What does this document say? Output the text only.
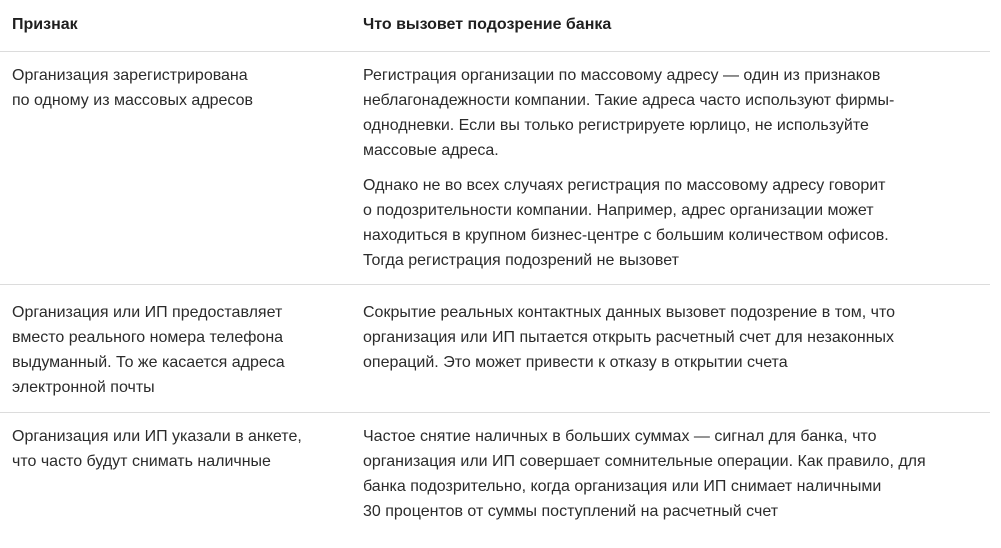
Признак	Что вызовет подозрение банка
Организация зарегистрирована
по одному из массовых адресов
Регистрация организации по массовому адресу — один из признаков
неблагонадежности компании. Такие адреса часто используют фирмы-
однодневки. Если вы только регистрируете юрлицо, не используйте
массовые адреса.
Однако не во всех случаях регистрация по массовому адресу говорит
о подозрительности компании. Например, адрес организации может
находиться в крупном бизнес-центре с большим количеством офисов.
Тогда регистрация подозрений не вызовет
Организация или ИП предоставляет
вместо реального номера телефона
выдуманный. То же касается адреса
электронной почты
Сокрытие реальных контактных данных вызовет подозрение в том, что
организация или ИП пытается открыть расчетный счет для незаконных
операций. Это может привести к отказу в открытии счета
Организация или ИП указали в анкете,
что часто будут снимать наличные
Частое снятие наличных в больших суммах — сигнал для банка, что
организация или ИП совершает сомнительные операции. Как правило, для
банка подозрительно, когда организация или ИП снимает наличными
30 процентов от суммы поступлений на расчетный счет
